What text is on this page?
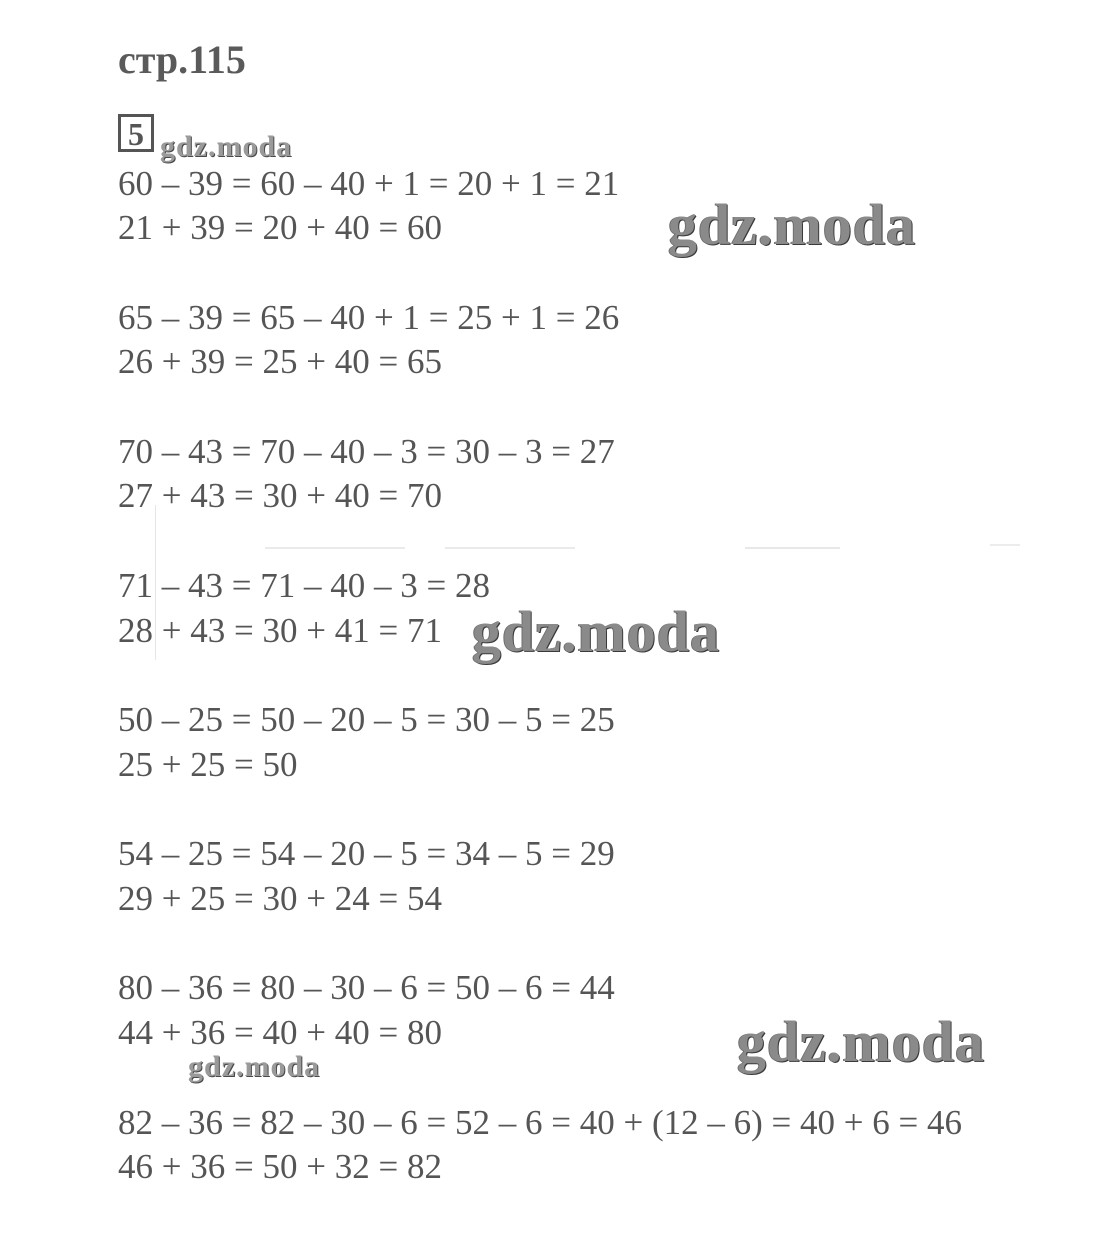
стр.115
5
60 – 39 = 60 – 40 + 1 = 20 + 1 = 21
21 + 39 = 20 + 40 = 60
65 – 39 = 65 – 40 + 1 = 25 + 1 = 26
26 + 39 = 25 + 40 = 65
70 – 43 = 70 – 40 – 3 = 30 – 3 = 27
27 + 43 = 30 + 40 = 70
71 – 43 = 71 – 40 – 3 = 28
28 + 43 = 30 + 41 = 71
50 – 25 = 50 – 20 – 5 = 30 – 5 = 25
25 + 25 = 50
54 – 25 = 54 – 20 – 5 = 34 – 5 = 29
29 + 25 = 30 + 24 = 54
80 – 36 = 80 – 30 – 6 = 50 – 6 = 44
44 + 36 = 40 + 40 = 80
82 – 36 = 82 – 30 – 6 = 52 – 6 = 40 + (12 – 6) = 40 + 6 = 46
46 + 36 = 50 + 32 = 82
gdz.moda
gdz.moda
gdz.moda
gdz.moda
gdz.moda
